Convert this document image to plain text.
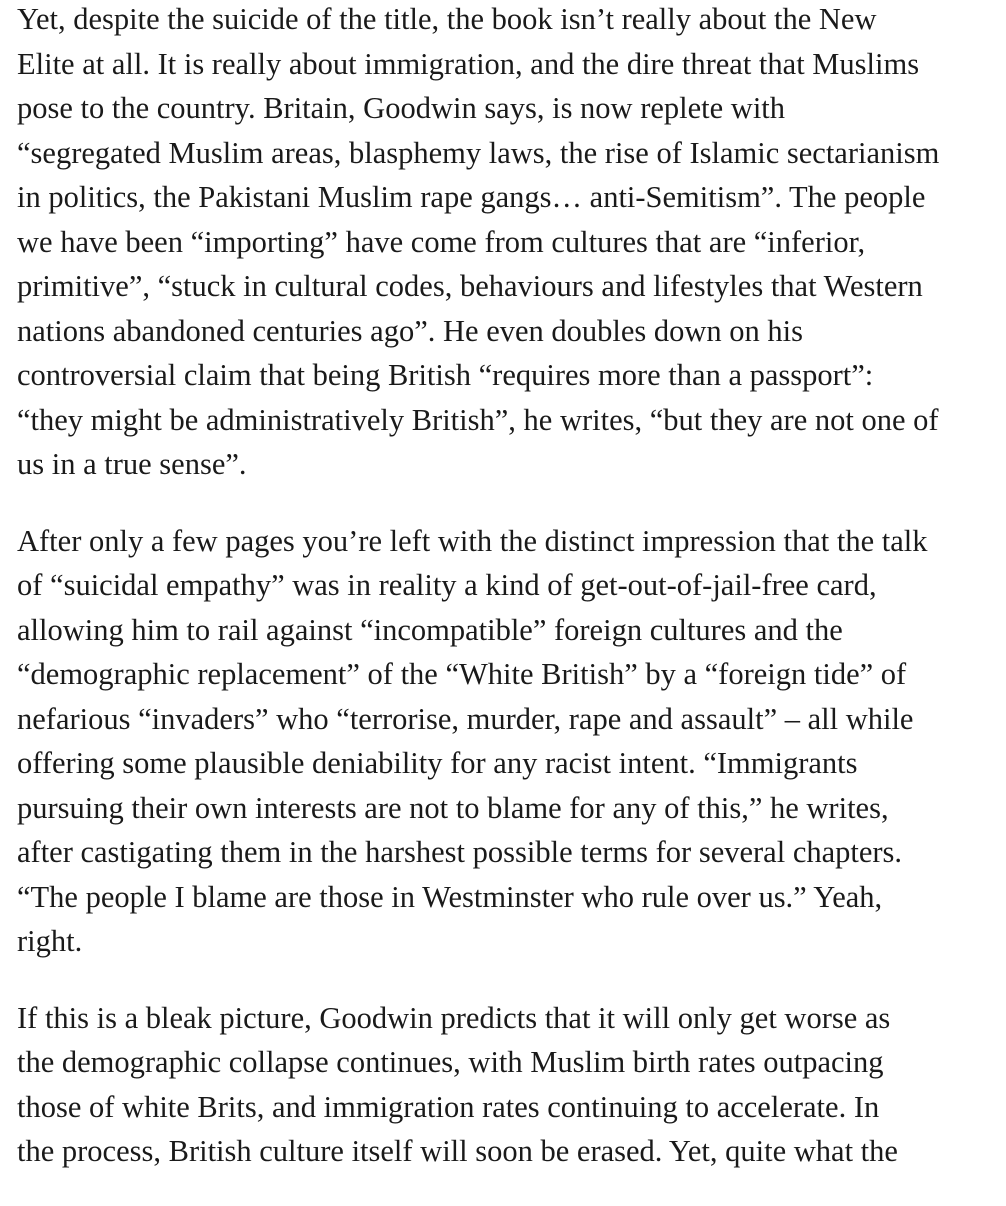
Yet, despite the suicide of the title, the book isn’t really about the New
Elite at all. It is really about immigration, and the dire threat that Muslims
pose to the country. Britain, Goodwin says, is now replete with
“segregated Muslim areas, blasphemy laws, the rise of Islamic sectarianism
in politics, the Pakistani Muslim rape gangs… anti-Semitism”. The people
we have been “importing” have come from cultures that are “inferior,
primitive”, “stuck in cultural codes, behaviours and lifestyles that Western
nations abandoned centuries ago”. He even doubles down on his
controversial claim that being British “requires more than a passport”:
“they might be administratively British”, he writes, “but they are not one of
us in a true sense”.

After only a few pages you’re left with the distinct impression that the talk
of “suicidal empathy” was in reality a kind of get-out-of-jail-free card,
allowing him to rail against “incompatible” foreign cultures and the
“demographic replacement” of the “White British” by a “foreign tide” of
nefarious “invaders” who “terrorise, murder, rape and assault” – all while
offering some plausible deniability for any racist intent. “Immigrants
pursuing their own interests are not to blame for any of this,” he writes,
after castigating them in the harshest possible terms for several chapters.
“The people I blame are those in Westminster who rule over us.” Yeah,
right.

If this is a bleak picture, Goodwin predicts that it will only get worse as
the demographic collapse continues, with Muslim birth rates outpacing
those of white Brits, and immigration rates continuing to accelerate. In
the process, British culture itself will soon be erased. Yet, quite what the
